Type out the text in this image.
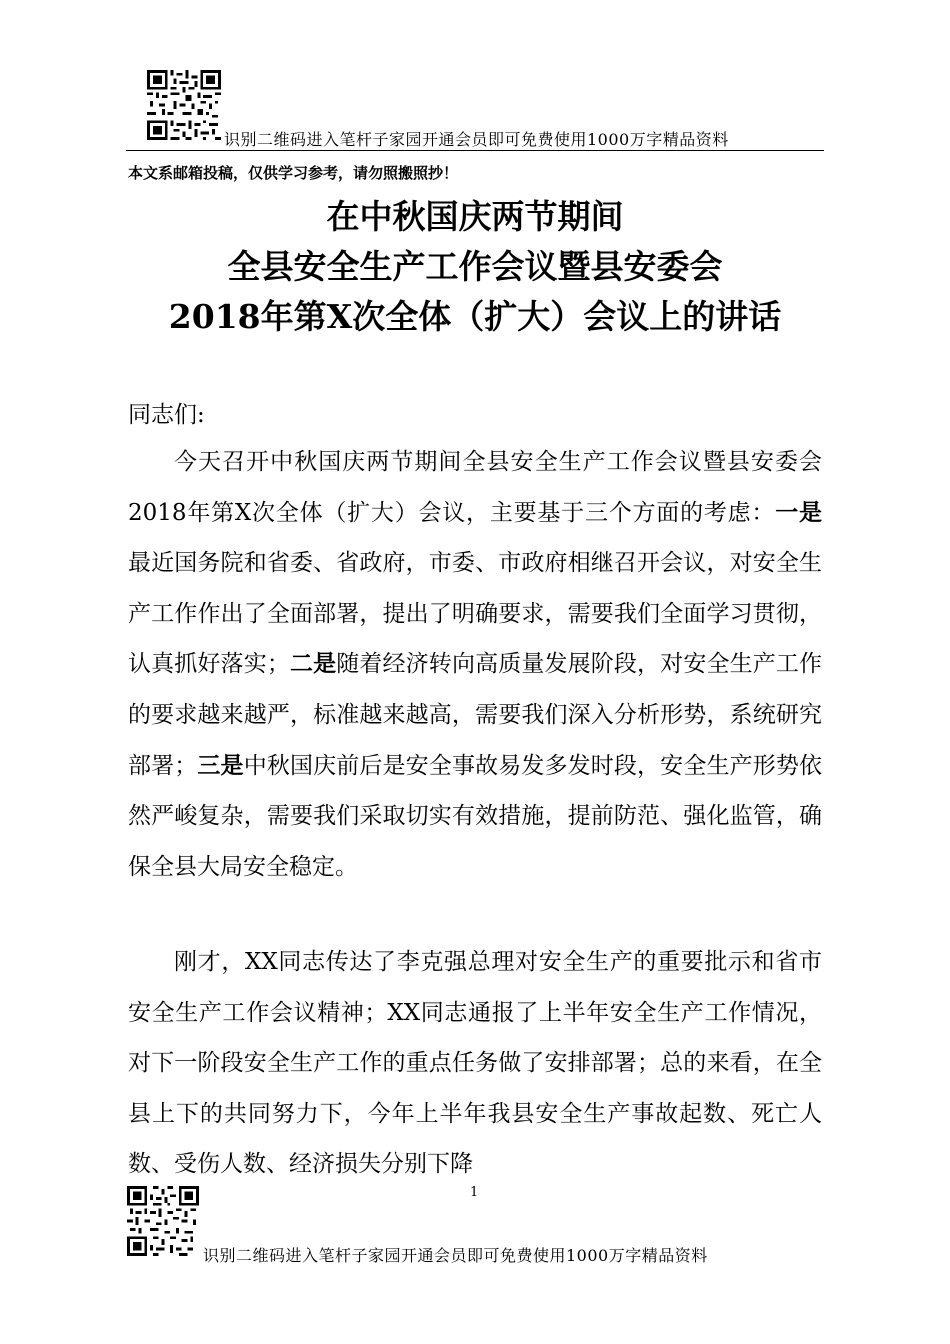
识别二维码进入笔杆子家园开通会员即可免费使用1000万字精品资料
本文系邮箱投稿，仅供学习参考，请勿照搬照抄！
在中秋国庆两节期间
全县安全生产工作会议暨县安委会
2018年第X次全体（扩大）会议上的讲话
同志们:
今天召开中秋国庆两节期间全县安全生产工作会议暨县安委会2018年第X次全体（扩大）会议，主要基于三个方面的考虑：一是最近国务院和省委、省政府，市委、市政府相继召开会议，对安全生产工作作出了全面部署，提出了明确要求，需要我们全面学习贯彻，认真抓好落实；二是随着经济转向高质量发展阶段，对安全生产工作的要求越来越严，标准越来越高，需要我们深入分析形势，系统研究部署；三是中秋国庆前后是安全事故易发多发时段，安全生产形势依然严峻复杂，需要我们采取切实有效措施，提前防范、强化监管，确保全县大局安全稳定。
刚才，XX同志传达了李克强总理对安全生产的重要批示和省市安全生产工作会议精神；XX同志通报了上半年安全生产工作情况，对下一阶段安全生产工作的重点任务做了安排部署；总的来看，在全县上下的共同努力下，今年上半年我县安全生产事故起数、死亡人数、受伤人数、经济损失分别下降
1
识别二维码进入笔杆子家园开通会员即可免费使用1000万字精品资料
